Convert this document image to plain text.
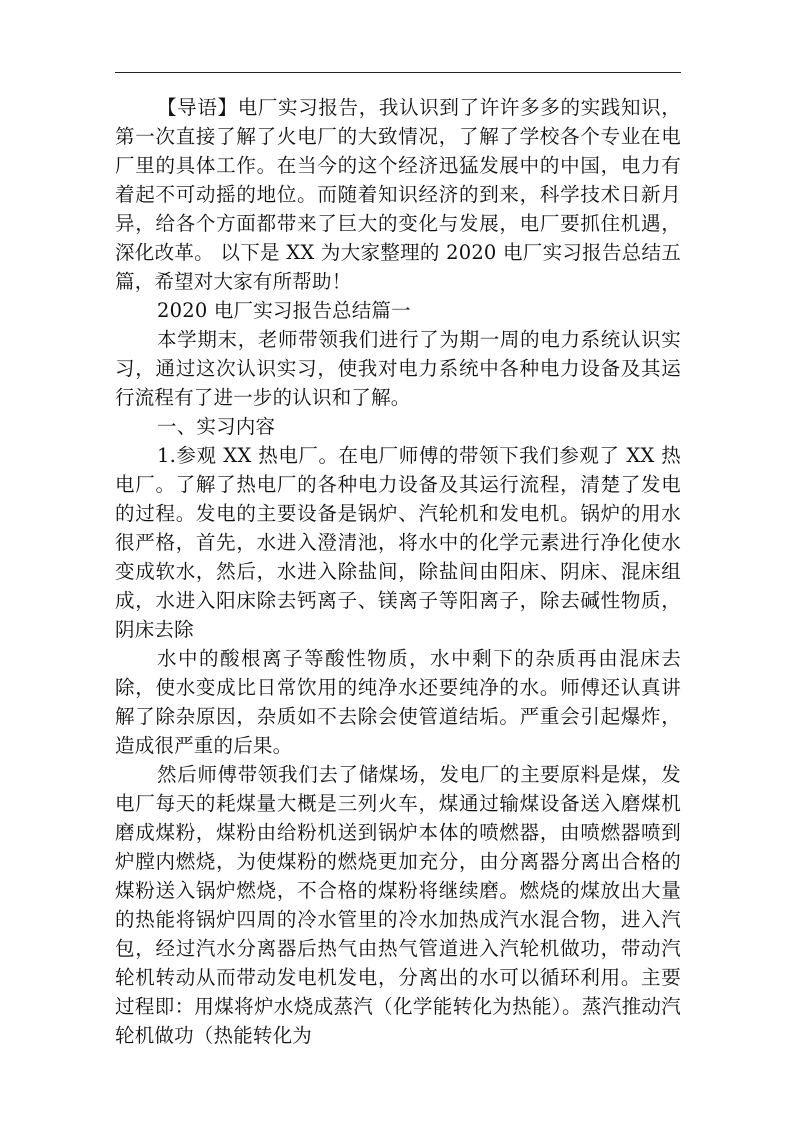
【导语】电厂实习报告，我认识到了许许多多的实践知识，第一次直接了解了火电厂的大致情况，了解了学校各个专业在电厂里的具体工作。在当今的这个经济迅猛发展中的中国，电力有着起不可动摇的地位。而随着知识经济的到来，科学技术日新月异，给各个方面都带来了巨大的变化与发展，电厂要抓住机遇，深化改革。 以下是 XX 为大家整理的 2020 电厂实习报告总结五篇，希望对大家有所帮助！

2020 电厂实习报告总结篇一

本学期末，老师带领我们进行了为期一周的电力系统认识实习，通过这次认识实习，使我对电力系统中各种电力设备及其运行流程有了进一步的认识和了解。

一、实习内容

1.参观 XX 热电厂。在电厂师傅的带领下我们参观了 XX 热电厂。了解了热电厂的各种电力设备及其运行流程，清楚了发电的过程。发电的主要设备是锅炉、汽轮机和发电机。锅炉的用水很严格，首先，水进入澄清池，将水中的化学元素进行净化使水变成软水，然后，水进入除盐间，除盐间由阳床、阴床、混床组成，水进入阳床除去钙离子、镁离子等阳离子，除去碱性物质，阴床去除

水中的酸根离子等酸性物质，水中剩下的杂质再由混床去除，使水变成比日常饮用的纯净水还要纯净的水。师傅还认真讲解了除杂原因，杂质如不去除会使管道结垢。严重会引起爆炸，造成很严重的后果。

然后师傅带领我们去了储煤场，发电厂的主要原料是煤，发电厂每天的耗煤量大概是三列火车，煤通过输煤设备送入磨煤机磨成煤粉，煤粉由给粉机送到锅炉本体的喷燃器，由喷燃器喷到炉膛内燃烧，为使煤粉的燃烧更加充分，由分离器分离出合格的煤粉送入锅炉燃烧，不合格的煤粉将继续磨。燃烧的煤放出大量的热能将锅炉四周的冷水管里的冷水加热成汽水混合物，进入汽包，经过汽水分离器后热气由热气管道进入汽轮机做功，带动汽轮机转动从而带动发电机发电，分离出的水可以循环利用。主要过程即：用煤将炉水烧成蒸汽（化学能转化为热能）。蒸汽推动汽轮机做功（热能转化为
